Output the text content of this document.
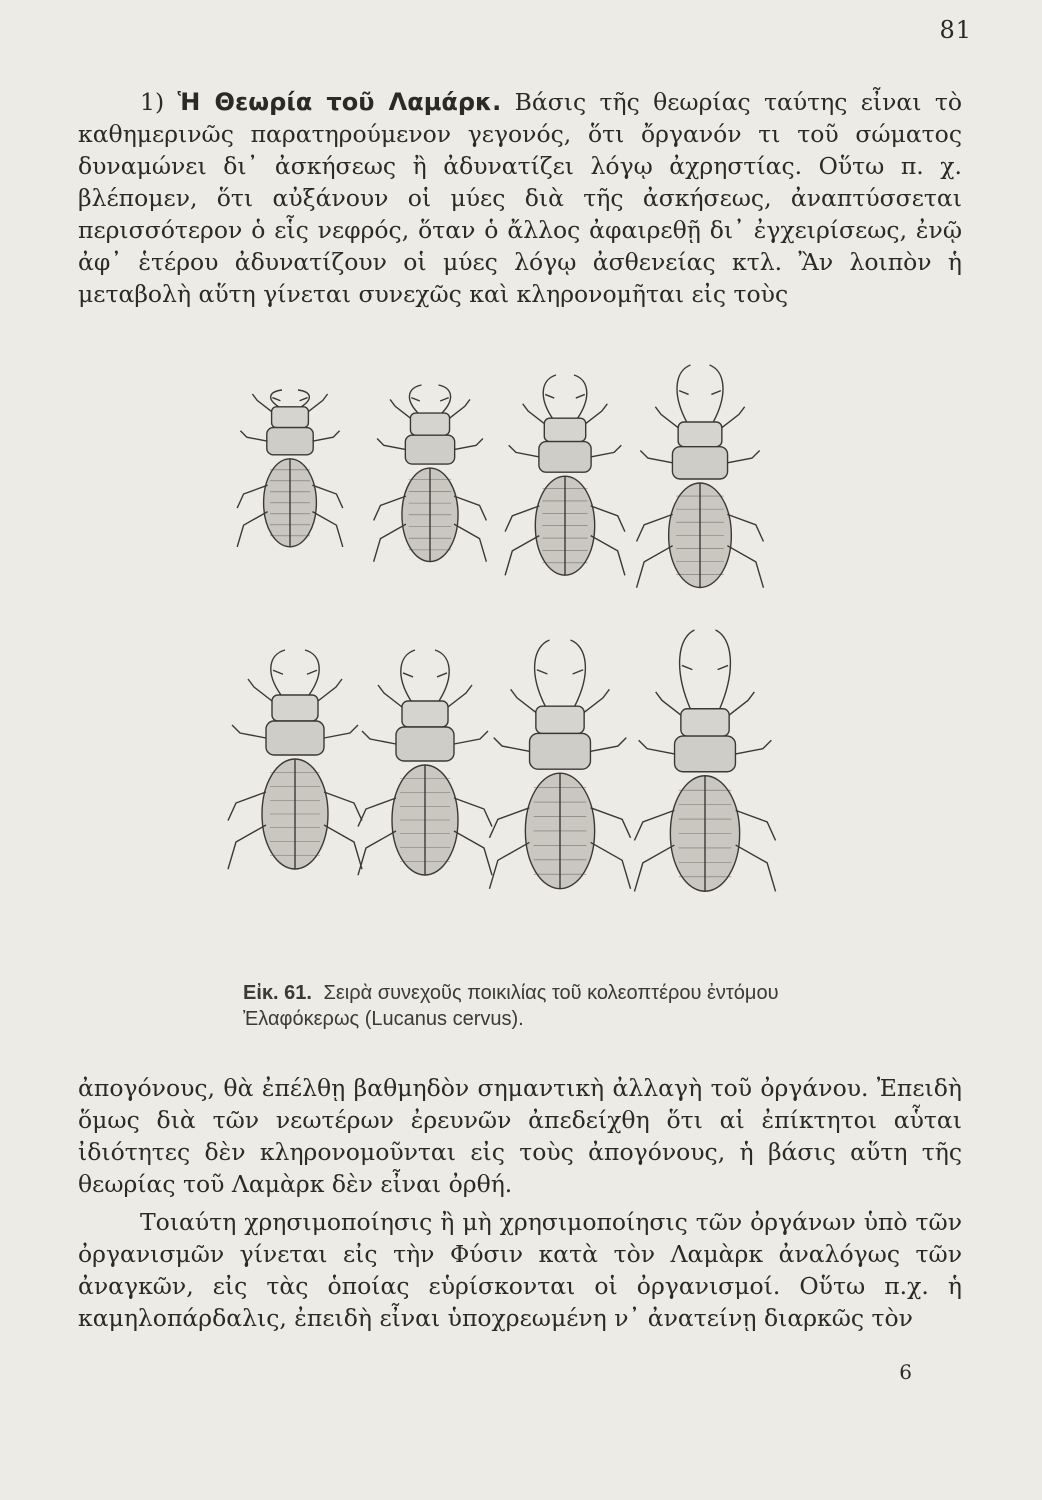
81

1) Ἡ Θεωρία τοῦ Λαμάρκ. Βάσις τῆς θεωρίας ταύτης εἶναι τὸ καθημερινῶς παρατηρούμενον γεγονός, ὅτι ὄργανόν τι τοῦ σώματος δυναμώνει δι᾿ ἀσκήσεως ἢ ἀδυνατίζει λόγῳ ἀχρηστίας. Οὕτω π. χ. βλέπομεν, ὅτι αὐξάνουν οἱ μύες διὰ τῆς ἀσκήσεως, ἀναπτύσσεται περισσότερον ὁ εἷς νεφρός, ὅταν ὁ ἄλλος ἀφαιρεθῇ δι᾿ ἐγχειρίσεως, ἐνῷ ἀφ᾿ ἑτέρου ἀδυνατίζουν οἱ μύες λόγῳ ἀσθενείας κτλ. Ἂν λοιπὸν ἡ μεταβολὴ αὕτη γίνεται συνεχῶς καὶ κληρονομῆται εἰς τοὺς

Εἰκ. 61. Σειρὰ συνεχοῦς ποικιλίας τοῦ κολεοπτέρου ἐντόμου Ἐλαφόκερως (Lucanus cervus).

ἀπογόνους, θὰ ἐπέλθῃ βαθμηδὸν σημαντικὴ ἀλλαγὴ τοῦ ὀργάνου. Ἐπειδὴ ὅμως διὰ τῶν νεωτέρων ἐρευνῶν ἀπεδείχθη ὅτι αἱ ἐπίκτητοι αὗται ἰδιότητες δὲν κληρονομοῦνται εἰς τοὺς ἀπογόνους, ἡ βάσις αὕτη τῆς θεωρίας τοῦ Λαμὰρκ δὲν εἶναι ὀρθή.

Τοιαύτη χρησιμοποίησις ἢ μὴ χρησιμοποίησις τῶν ὀργάνων ὑπὸ τῶν ὀργανισμῶν γίνεται εἰς τὴν Φύσιν κατὰ τὸν Λαμὰρκ ἀναλόγως τῶν ἀναγκῶν, εἰς τὰς ὁποίας εὑρίσκονται οἱ ὀργανισμοί. Οὕτω π.χ. ἡ καμηλοπάρδαλις, ἐπειδὴ εἶναι ὑποχρεωμένη ν᾿ ἀνατείνῃ διαρκῶς τὸν

6
